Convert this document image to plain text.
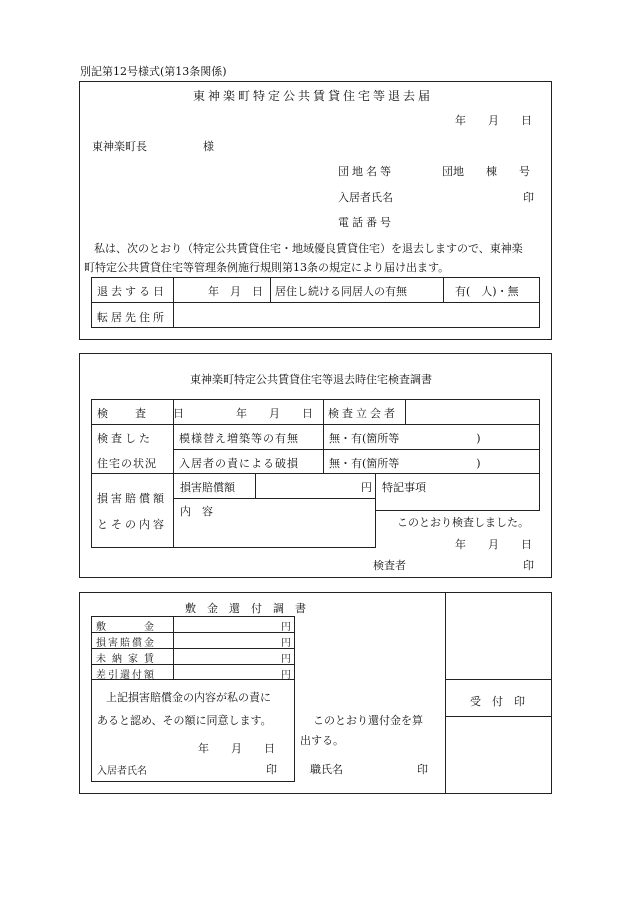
別記第12号様式(第13条関係)
東神楽町特定公共賃貸住宅等退去届
年　　月　　日
東神楽町長	様
団地名等	団地　　棟　　号
入居者氏名	印
電話番号
私は、次のとおり（特定公共賃貸住宅・地域優良賃貸住宅）を退去しますので、東神楽
町特定公共賃貸住宅等管理条例施行規則第13条の規定により届け出ます。
退去する日	年　月　日 居住し続ける同居人の有無	有(　人)・無
転居先住所
東神楽町特定公共賃貸住宅等退去時住宅検査調書
検　査　日	年　　月　　日 検査立会者
検査した
住宅の状況
模様替え増築等の有無	無・有(箇所等　　　　　　　)
入居者の責による破損	無・有(箇所等　　　　　　　)
損害賠償額
とその内容
損害賠償額	円 特記事項
内　容
このとおり検査しました。
年　　月　　日
検査者	印
受　付　印
敷　金　還　付　調　書
敷　　　金	円
損害賠償金	円
未納家賃	円
差引還付額	円
上記損害賠償金の内容が私の責に
あると認め、その額に同意します。
年　　月　　日
入居者氏名	印
このとおり還付金を算
出する。
職氏名	印
